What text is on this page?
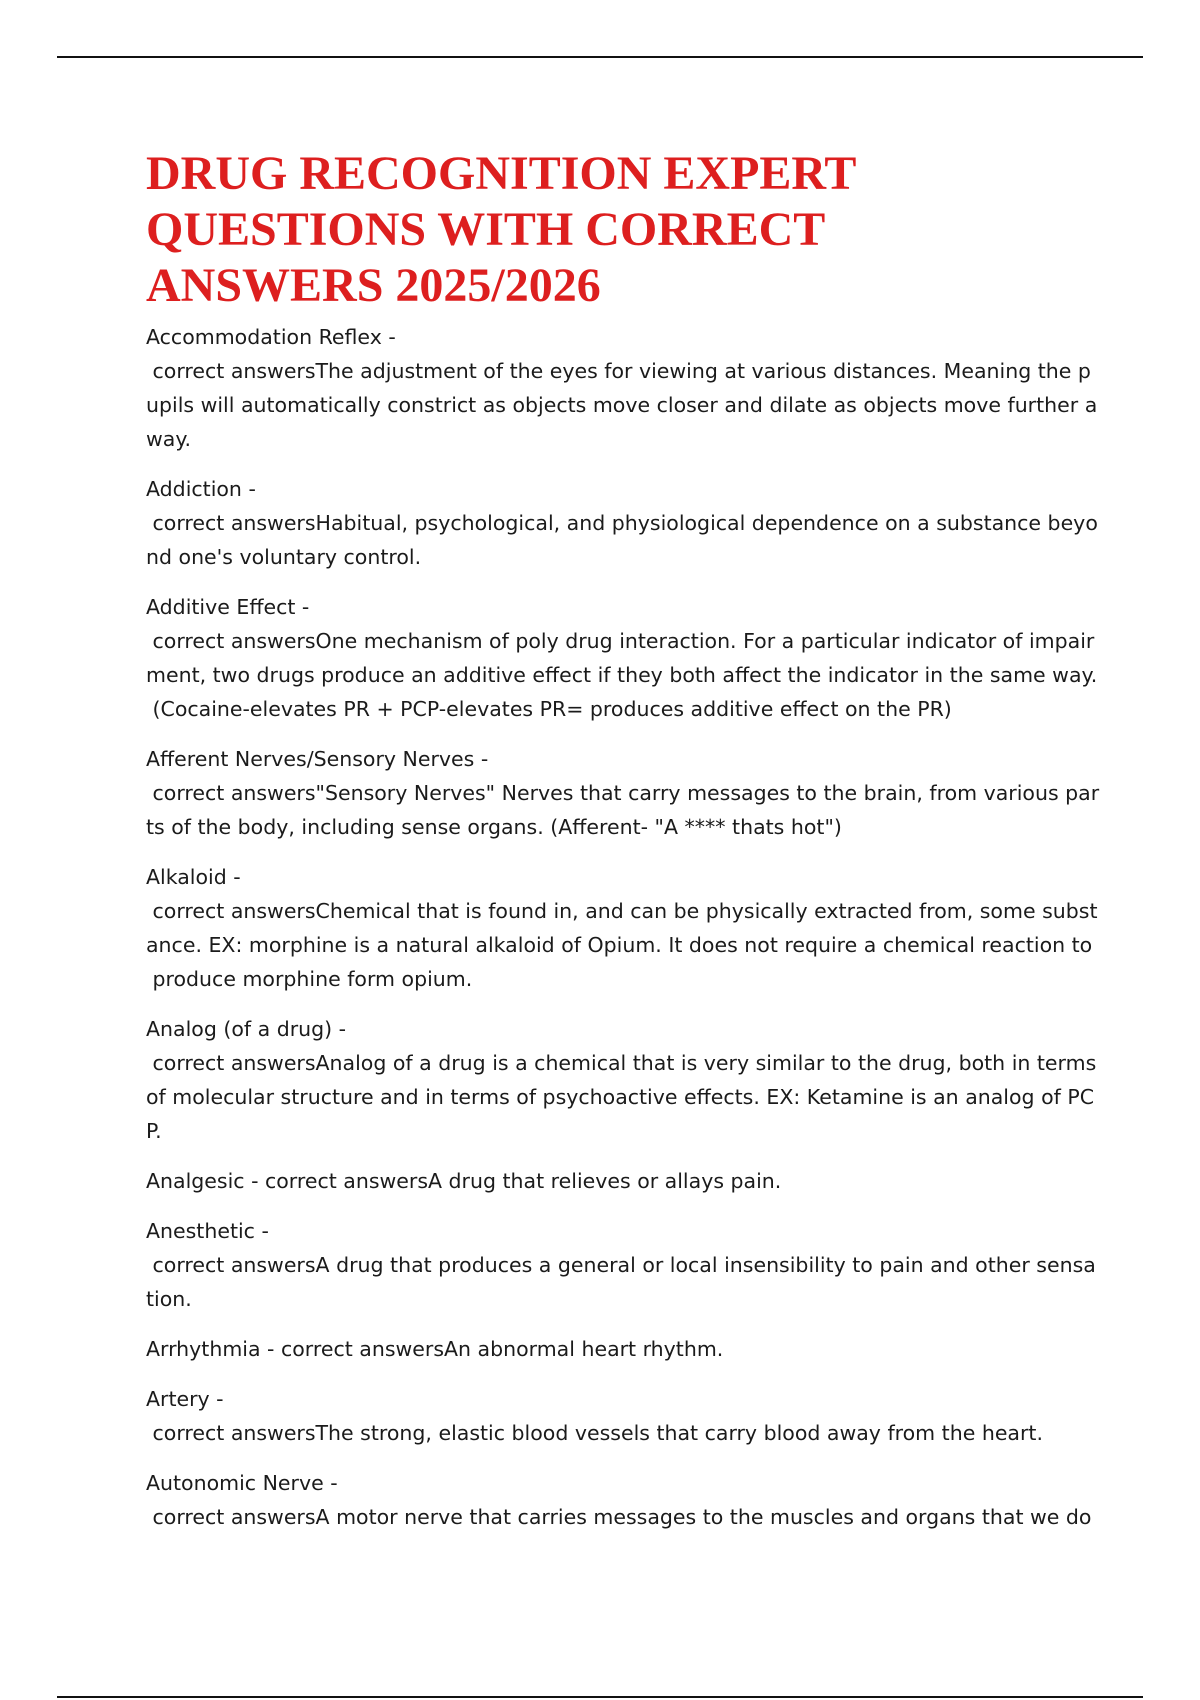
DRUG RECOGNITION EXPERT
QUESTIONS WITH CORRECT
ANSWERS 2025/2026
Accommodation Reflex -
correct answersThe adjustment of the eyes for viewing at various distances. Meaning the p
upils will automatically constrict as objects move closer and dilate as objects move further a
way.
Addiction -
correct answersHabitual, psychological, and physiological dependence on a substance beyo
nd one's voluntary control.
Additive Effect -
correct answersOne mechanism of poly drug interaction. For a particular indicator of impair
ment, two drugs produce an additive effect if they both affect the indicator in the same way.
(Cocaine-elevates PR + PCP-elevates PR= produces additive effect on the PR)
Afferent Nerves/Sensory Nerves -
correct answers"Sensory Nerves" Nerves that carry messages to the brain, from various par
ts of the body, including sense organs. (Afferent- "A **** thats hot")
Alkaloid -
correct answersChemical that is found in, and can be physically extracted from, some subst
ance. EX: morphine is a natural alkaloid of Opium. It does not require a chemical reaction to
produce morphine form opium.
Analog (of a drug) -
correct answersAnalog of a drug is a chemical that is very similar to the drug, both in terms
of molecular structure and in terms of psychoactive effects. EX: Ketamine is an analog of PC
P.
Analgesic - correct answersA drug that relieves or allays pain.
Anesthetic -
correct answersA drug that produces a general or local insensibility to pain and other sensa
tion.
Arrhythmia - correct answersAn abnormal heart rhythm.
Artery -
correct answersThe strong, elastic blood vessels that carry blood away from the heart.
Autonomic Nerve -
correct answersA motor nerve that carries messages to the muscles and organs that we do
